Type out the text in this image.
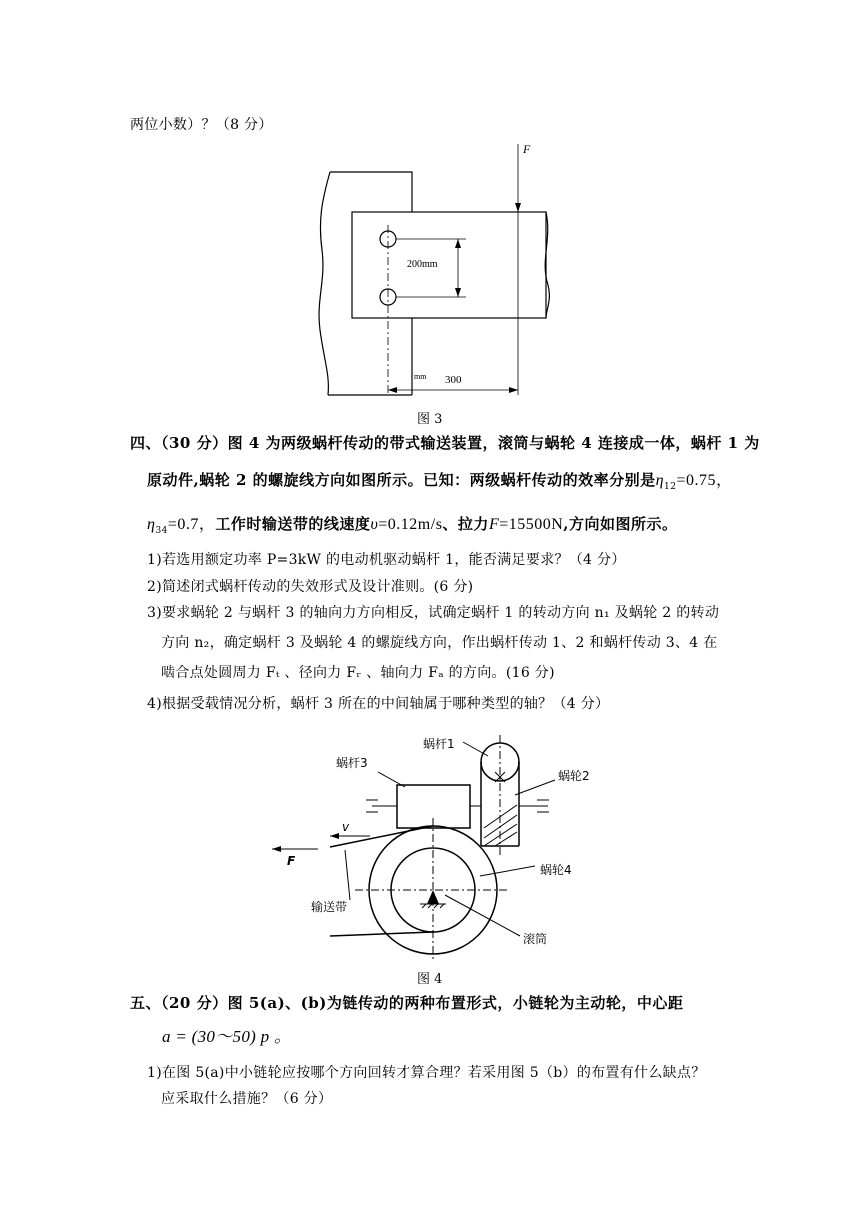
两位小数）？（8 分）
F
200mm
300
mm
图 3
四、（30 分）图 4 为两级蜗杆传动的带式输送装置，滚筒与蜗轮 4 连接成一体，蜗杆 1 为
原动件,蜗轮 2 的螺旋线方向如图所示。已知：两级蜗杆传动的效率分别是$\eta_{12}=0.75$，
$\eta_{34}=0.7$，工作时输送带的线速度υ=0.12m/s、拉力F=15500N,方向如图所示。
1)若选用额定功率 P=3kW 的电动机驱动蜗杆 1，能否满足要求？（4 分）
2)简述闭式蜗杆传动的失效形式及设计准则。(6 分)
3)要求蜗轮 2 与蜗杆 3 的轴向力方向相反，试确定蜗杆 1 的转动方向 n₁ 及蜗轮 2 的转动
方向 n₂，确定蜗杆 3 及蜗轮 4 的螺旋线方向，作出蜗杆传动 1、2 和蜗杆传动 3、4 在
啮合点处圆周力 Fₜ 、径向力 Fᵣ 、轴向力 Fₐ 的方向。(16 分)
4)根据受载情况分析，蜗杆 3 所在的中间轴属于哪种类型的轴？（4 分）
蜗杆1
蜗杆3
蜗轮2
蜗轮4
输送带
滚筒
v
F
图 4
五、（20 分）图 5(a)、(b)为链传动的两种布置形式，小链轮为主动轮，中心距
a = (30～50) p 。
1)在图 5(a)中小链轮应按哪个方向回转才算合理？若采用图 5（b）的布置有什么缺点？
应采取什么措施？（6 分）
